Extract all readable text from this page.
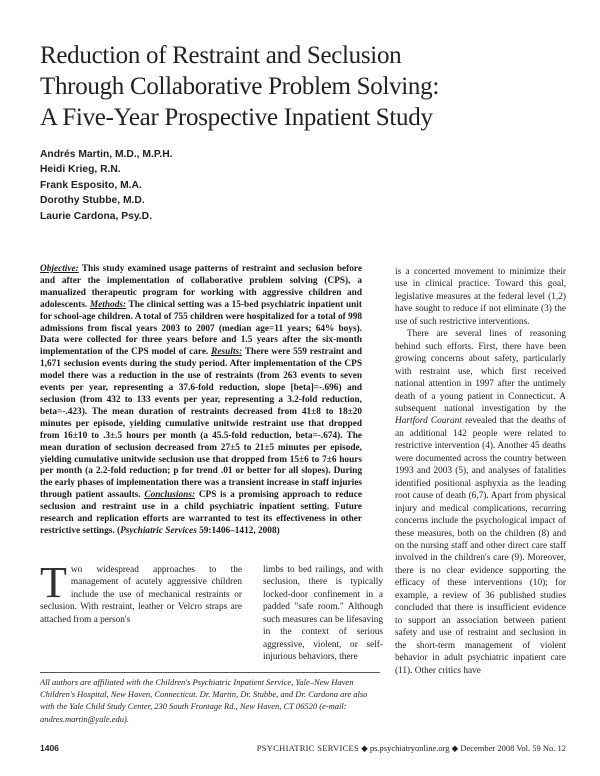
Reduction of Restraint and Seclusion
Through Collaborative Problem Solving:
A Five-Year Prospective Inpatient Study
Andrés Martin, M.D., M.P.H.
Heidi Krieg, R.N.
Frank Esposito, M.A.
Dorothy Stubbe, M.D.
Laurie Cardona, Psy.D.

Objective: This study examined usage patterns of restraint and seclusion before and after the implementation of collaborative problem solving (CPS), a manualized therapeutic program for working with aggressive children and adolescents. Methods: The clinical setting was a 15-bed psychiatric inpatient unit for school-age children. A total of 755 children were hospitalized for a total of 998 admissions from fiscal years 2003 to 2007 (median age=11 years; 64% boys). Data were collected for three years before and 1.5 years after the six-month implementation of the CPS model of care. Results: There were 559 restraint and 1,671 seclusion events during the study period. After implementation of the CPS model there was a reduction in the use of restraints (from 263 events to seven events per year, representing a 37.6-fold reduction, slope [beta]=-.696) and seclusion (from 432 to 133 events per year, representing a 3.2-fold reduction, beta=-.423). The mean duration of restraints decreased from 41±8 to 18±20 minutes per episode, yielding cumulative unitwide restraint use that dropped from 16±10 to .3±.5 hours per month (a 45.5-fold reduction, beta=-.674). The mean duration of seclusion decreased from 27±5 to 21±5 minutes per episode, yielding cumulative unitwide seclusion use that dropped from 15±6 to 7±6 hours per month (a 2.2-fold reduction; p for trend .01 or better for all slopes). During the early phases of implementation there was a transient increase in staff injuries through patient assaults. Conclusions: CPS is a promising approach to reduce seclusion and restraint use in a child psychiatric inpatient setting. Future research and replication efforts are warranted to test its effectiveness in other restrictive settings. (Psychiatric Services 59:1406–1412, 2008)

Two widespread approaches to the management of acutely aggressive children include the use of mechanical restraints or seclusion. With restraint, leather or Velcro straps are attached from a person's

limbs to bed railings, and with seclusion, there is typically locked-door confinement in a padded "safe room." Although such measures can be lifesaving in the context of serious aggressive, violent, or self-injurious behaviors, there

is a concerted movement to minimize their use in clinical practice. Toward this goal, legislative measures at the federal level (1,2) have sought to reduce if not eliminate (3) the use of such restrictive interventions.

There are several lines of reasoning behind such efforts. First, there have been growing concerns about safety, particularly with restraint use, which first received national attention in 1997 after the untimely death of a young patient in Connecticut. A subsequent national investigation by the Hartford Courant revealed that the deaths of an additional 142 people were related to restrictive intervention (4). Another 45 deaths were documented across the country between 1993 and 2003 (5), and analyses of fatalities identified positional asphyxia as the leading root cause of death (6,7). Apart from physical injury and medical complications, recurring concerns include the psychological impact of these measures, both on the children (8) and on the nursing staff and other direct care staff involved in the children's care (9). Moreover, there is no clear evidence supporting the efficacy of these interventions (10); for example, a review of 36 published studies concluded that there is insufficient evidence to support an association between patient safety and use of restraint and seclusion in the short-term management of violent behavior in adult psychiatric inpatient care (11). Other critics have

All authors are affiliated with the Children's Psychiatric Inpatient Service, Yale–New Haven Children's Hospital, New Haven, Connecticut. Dr. Martin, Dr. Stubbe, and Dr. Cardona are also with the Yale Child Study Center, 230 South Frontage Rd., New Haven, CT 06520 (e-mail: andres.martin@yale.edu).

1406	PSYCHIATRIC SERVICES ◆ ps.psychiatryonline.org ◆ December 2008 Vol. 59 No. 12
